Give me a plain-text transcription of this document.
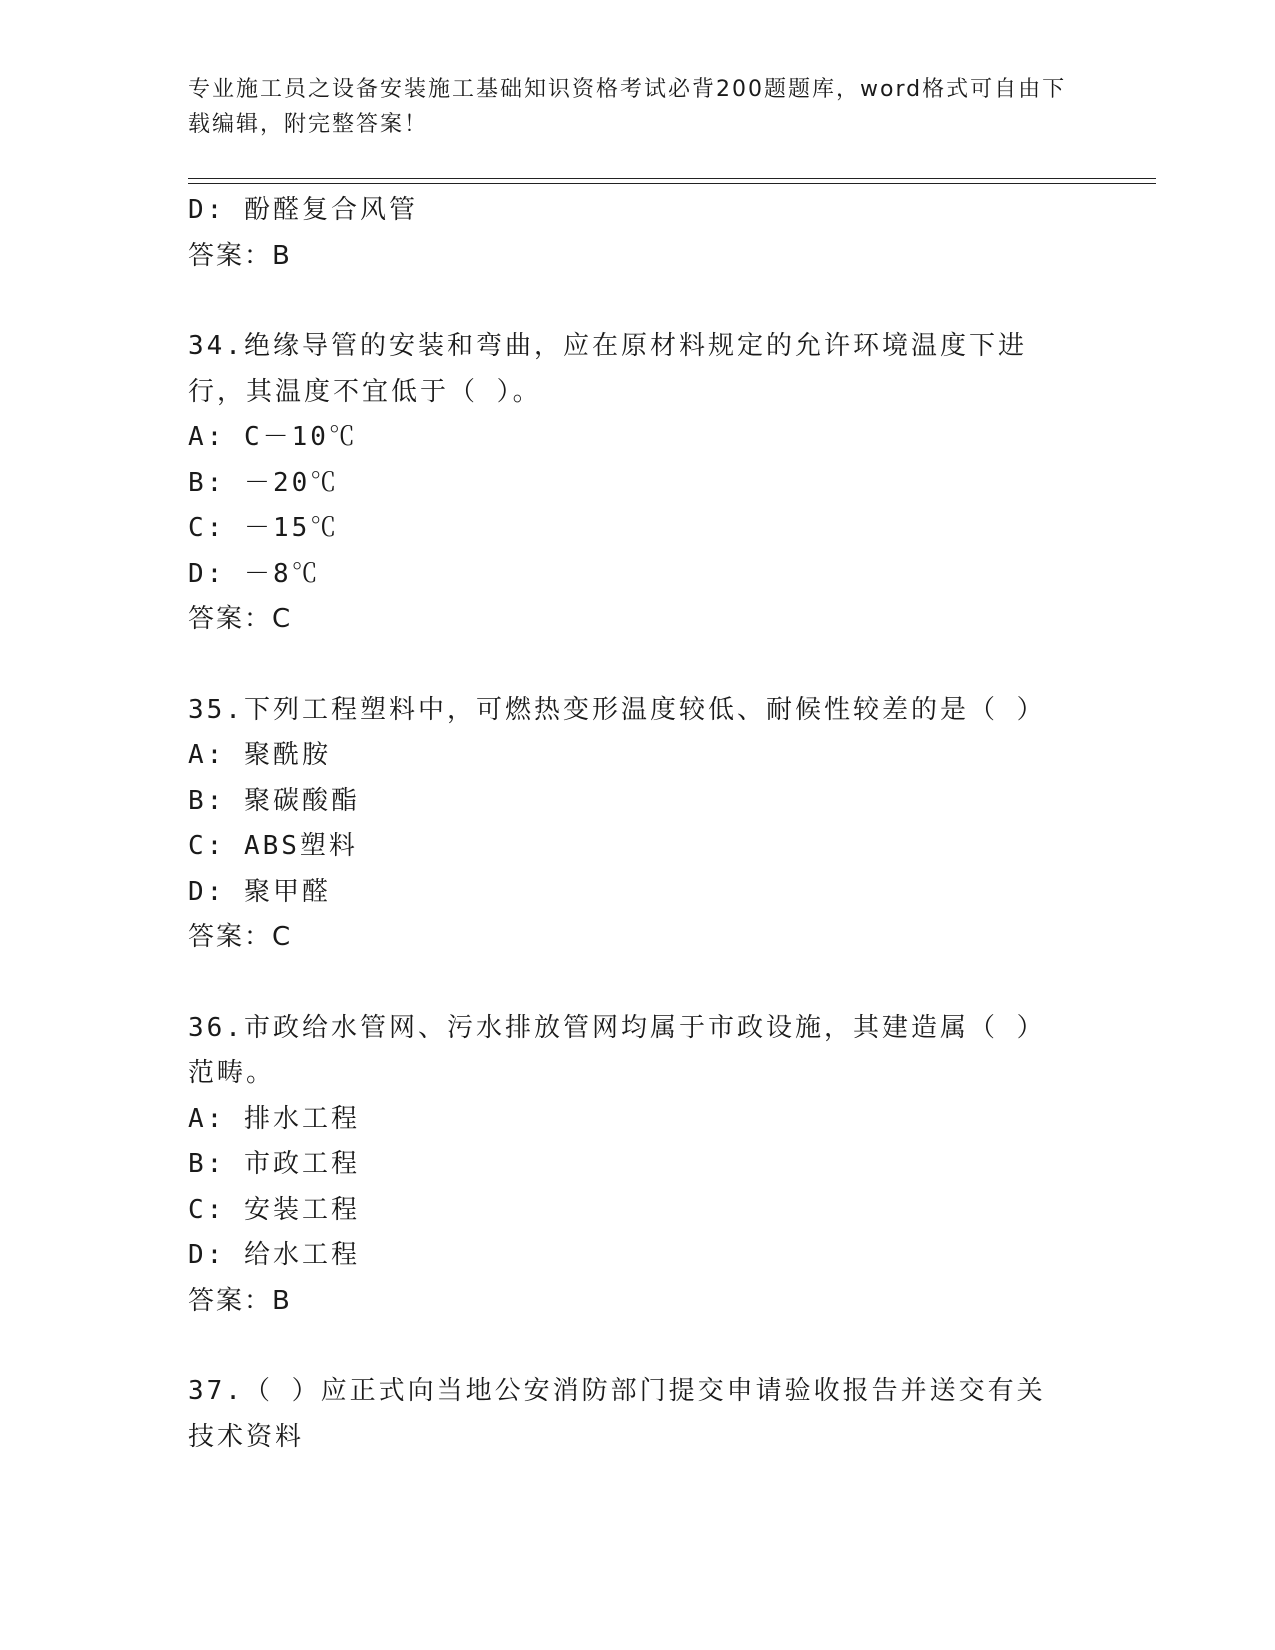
专业施工员之设备安装施工基础知识资格考试必背200题题库，word格式可自由下载编辑，附完整答案！
D: 酚醛复合风管
答案：B
34.绝缘导管的安装和弯曲，应在原材料规定的允许环境温度下进行，其温度不宜低于（ ）。
A: C－10℃
B: －20℃
C: －15℃
D: －8℃
答案：C
35.下列工程塑料中，可燃热变形温度较低、耐候性较差的是（ ）
A: 聚酰胺
B: 聚碳酸酯
C: ABS塑料
D: 聚甲醛
答案：C
36.市政给水管网、污水排放管网均属于市政设施，其建造属（ ）范畴。
A: 排水工程
B: 市政工程
C: 安装工程
D: 给水工程
答案：B
37.（ ）应正式向当地公安消防部门提交申请验收报告并送交有关技术资料
